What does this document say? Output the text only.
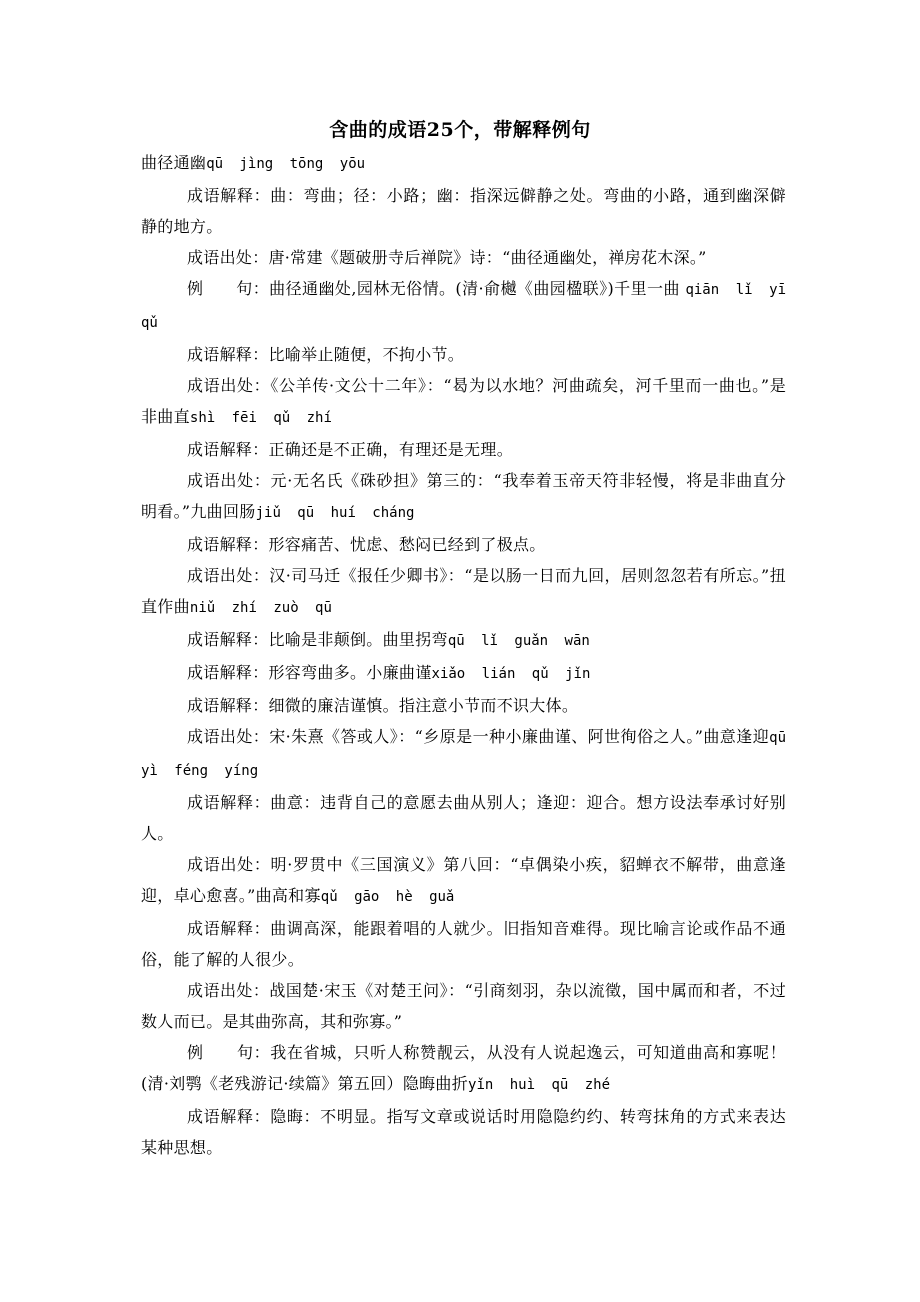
含曲的成语25个，带解释例句

曲径通幽qū jìng tōng yōu

成语解释：曲：弯曲；径：小路；幽：指深远僻静之处。弯曲的小路，通到幽深僻静的地方。

成语出处：唐·常建《题破册寺后禅院》诗：“曲径通幽处，禅房花木深。”

例　　句：曲径通幽处,园林无俗情。(清·俞樾《曲园楹联》)千里一曲 qiān lǐ yī qǔ

成语解释：比喻举止随便，不拘小节。

成语出处：《公羊传·文公十二年》：“曷为以水地？河曲疏矣，河千里而一曲也。”是非曲直shì fēi qǔ zhí

成语解释：正确还是不正确，有理还是无理。

成语出处：元·无名氏《硃砂担》第三的：“我奉着玉帝天符非轻慢，将是非曲直分明看。”九曲回肠jiǔ qū huí cháng

成语解释：形容痛苦、忧虑、愁闷已经到了极点。

成语出处：汉·司马迁《报任少卿书》：“是以肠一日而九回，居则忽忽若有所忘。”扭直作曲niǔ zhí zuò qū

成语解释：比喻是非颠倒。曲里拐弯qū lǐ guǎn wān

成语解释：形容弯曲多。小廉曲谨xiǎo lián qǔ jǐn

成语解释：细微的廉洁谨慎。指注意小节而不识大体。

成语出处：宋·朱熹《答或人》：“乡原是一种小廉曲谨、阿世徇俗之人。”曲意逢迎qū yì féng yíng

成语解释：曲意：违背自己的意愿去曲从别人；逢迎：迎合。想方设法奉承讨好别人。

成语出处：明·罗贯中《三国演义》第八回：“卓偶染小疾，貂蝉衣不解带，曲意逢迎，卓心愈喜。”曲高和寡qǔ gāo hè guǎ

成语解释：曲调高深，能跟着唱的人就少。旧指知音难得。现比喻言论或作品不通俗，能了解的人很少。

成语出处：战国楚·宋玉《对楚王问》：“引商刻羽，杂以流徵，国中属而和者，不过数人而已。是其曲弥高，其和弥寡。”

例　　句：我在省城，只听人称赞靓云，从没有人说起逸云，可知道曲高和寡呢！(清·刘鹗《老残游记·续篇》第五回）隐晦曲折yǐn huì qū zhé

成语解释：隐晦：不明显。指写文章或说话时用隐隐约约、转弯抹角的方式来表达某种思想。
